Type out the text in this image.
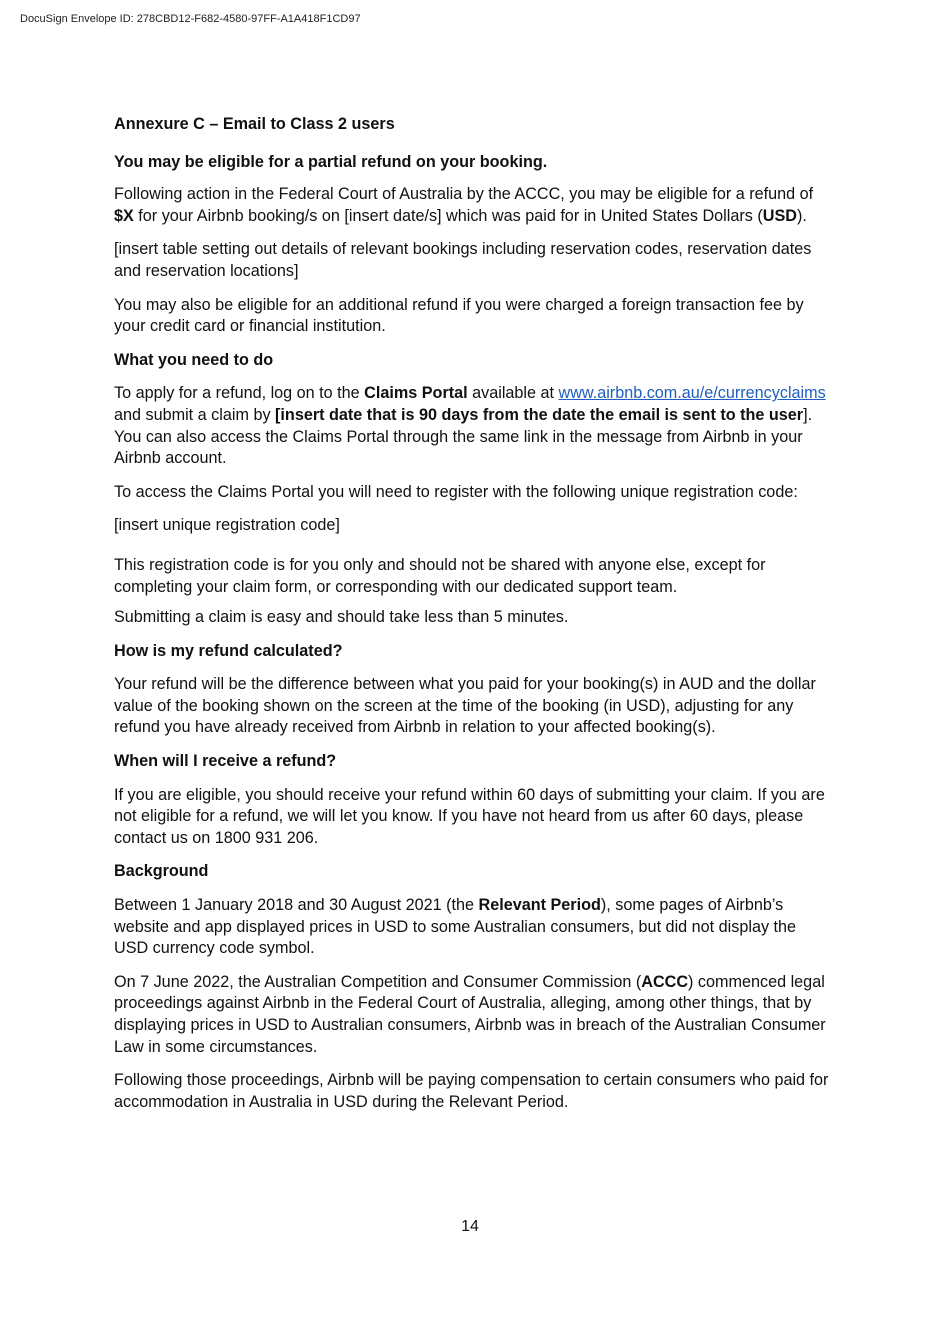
DocuSign Envelope ID: 278CBD12-F682-4580-97FF-A1A418F1CD97

Annexure C – Email to Class 2 users

You may be eligible for a partial refund on your booking.

Following action in the Federal Court of Australia by the ACCC, you may be eligible for a refund of $X for your Airbnb booking/s on [insert date/s] which was paid for in United States Dollars (USD).

[insert table setting out details of relevant bookings including reservation codes, reservation dates and reservation locations]

You may also be eligible for an additional refund if you were charged a foreign transaction fee by your credit card or financial institution.

What you need to do

To apply for a refund, log on to the Claims Portal available at www.airbnb.com.au/e/currencyclaims and submit a claim by [insert date that is 90 days from the date the email is sent to the user]. You can also access the Claims Portal through the same link in the message from Airbnb in your Airbnb account.

To access the Claims Portal you will need to register with the following unique registration code:

[insert unique registration code]

This registration code is for you only and should not be shared with anyone else, except for completing your claim form, or corresponding with our dedicated support team.

Submitting a claim is easy and should take less than 5 minutes.

How is my refund calculated?

Your refund will be the difference between what you paid for your booking(s) in AUD and the dollar value of the booking shown on the screen at the time of the booking (in USD), adjusting for any refund you have already received from Airbnb in relation to your affected booking(s).

When will I receive a refund?

If you are eligible, you should receive your refund within 60 days of submitting your claim. If you are not eligible for a refund, we will let you know. If you have not heard from us after 60 days, please contact us on 1800 931 206.

Background

Between 1 January 2018 and 30 August 2021 (the Relevant Period), some pages of Airbnb’s website and app displayed prices in USD to some Australian consumers, but did not display the USD currency code symbol.

On 7 June 2022, the Australian Competition and Consumer Commission (ACCC) commenced legal proceedings against Airbnb in the Federal Court of Australia, alleging, among other things, that by displaying prices in USD to Australian consumers, Airbnb was in breach of the Australian Consumer Law in some circumstances.

Following those proceedings, Airbnb will be paying compensation to certain consumers who paid for accommodation in Australia in USD during the Relevant Period.

14
